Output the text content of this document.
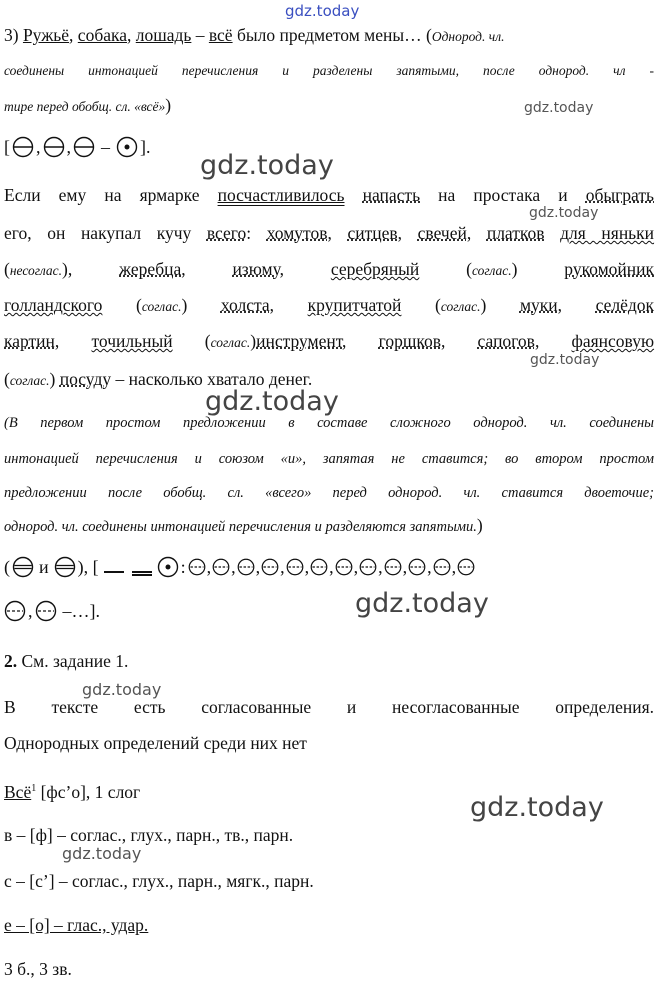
gdz.today
3) Ружьё, собака, лошадь – всё было предметом мены… (Однород. чл.
соединены интонацией перечисления и разделены запятыми, после однород. чл -
тире перед обобщ. сл. «всё»)	gdz.today
[ , , – ].
gdz.today
Если ему на ярмарке посчастливилось напасть на простака и обыграть
gdz.today
его, он накупал кучу всего: хомутов, ситцев, свечей, платков для няньки
(несоглас.), жеребца, изюму, серебряный (соглас.) рукомойник
голландского (соглас.) холста, крупитчатой (соглас.) муки, селёдок
картин, точильный (соглас.)инструмент, горшков, сапогов, фаянсовую
gdz.today
(соглас.) посуду – насколько хватало денег.
gdz.today
(В первом простом предложении в составе сложного однород. чл. соединены
интонацией перечисления и союзом «и», запятая не ставится; во втором простом
предложении после обобщ. сл. «всего» перед однород. чл. ставится двоеточие;
однород. чл. соединены интонацией перечисления и разделяются запятыми.)
( и ), [	: , , , , , , , , , , ,
, –…].	gdz.today
2. См. задание 1.
gdz.today
В тексте есть согласованные и несогласованные определения.
Однородных определений среди них нет
Всё$^1$ [фс’о], 1 слог
gdz.today
в – [ф] – соглас., глух., парн., тв., парн.
gdz.today
с – [с’] – соглас., глух., парн., мягк., парн.
е – [о] – глас., удар.
3 б., 3 зв.
